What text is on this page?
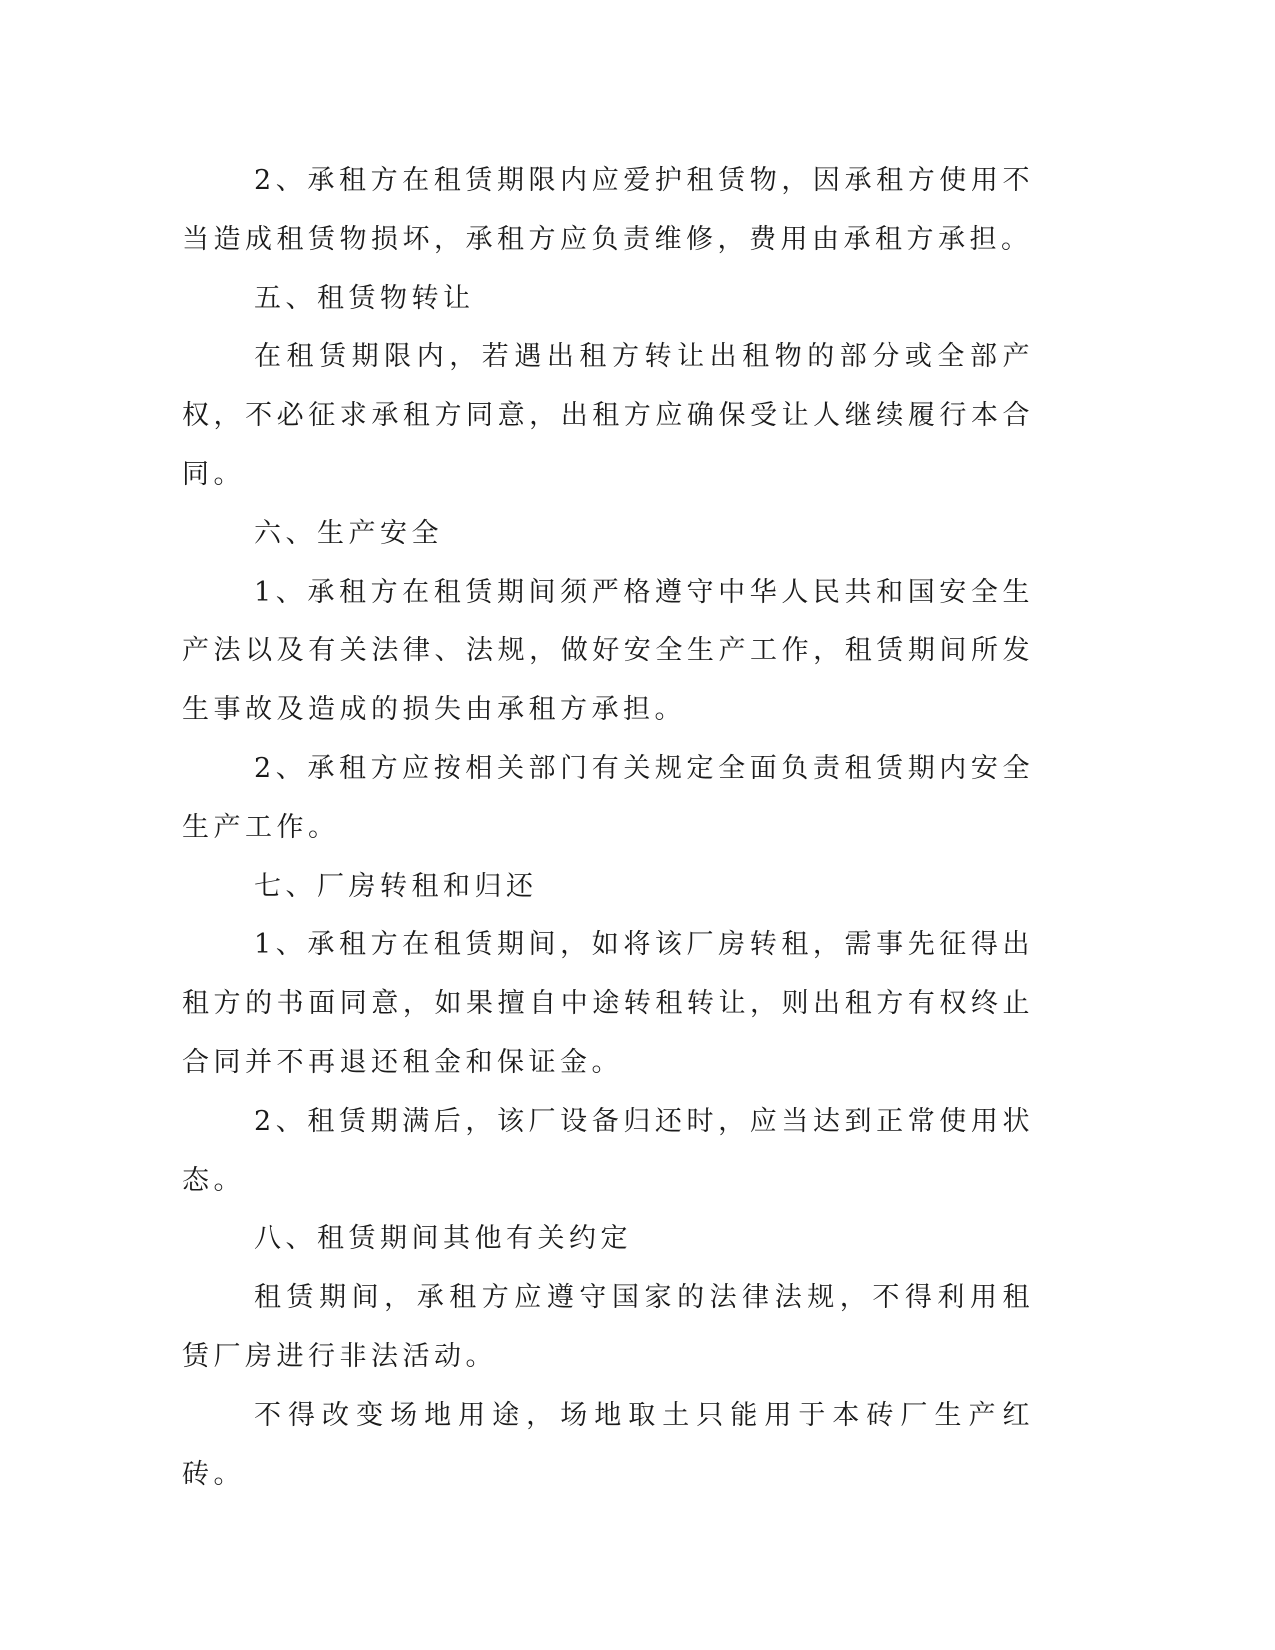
2、承租方在租赁期限内应爱护租赁物，因承租方使用不当造成租赁物损坏，承租方应负责维修，费用由承租方承担。

五、租赁物转让

在租赁期限内，若遇出租方转让出租物的部分或全部产权，不必征求承租方同意，出租方应确保受让人继续履行本合同。

六、生产安全

1、承租方在租赁期间须严格遵守中华人民共和国安全生产法以及有关法律、法规，做好安全生产工作，租赁期间所发生事故及造成的损失由承租方承担。

2、承租方应按相关部门有关规定全面负责租赁期内安全生产工作。

七、厂房转租和归还

1、承租方在租赁期间，如将该厂房转租，需事先征得出租方的书面同意，如果擅自中途转租转让，则出租方有权终止合同并不再退还租金和保证金。

2、租赁期满后，该厂设备归还时，应当达到正常使用状态。

八、租赁期间其他有关约定

租赁期间，承租方应遵守国家的法律法规，不得利用租赁厂房进行非法活动。

不得改变场地用途，场地取土只能用于本砖厂生产红砖。
